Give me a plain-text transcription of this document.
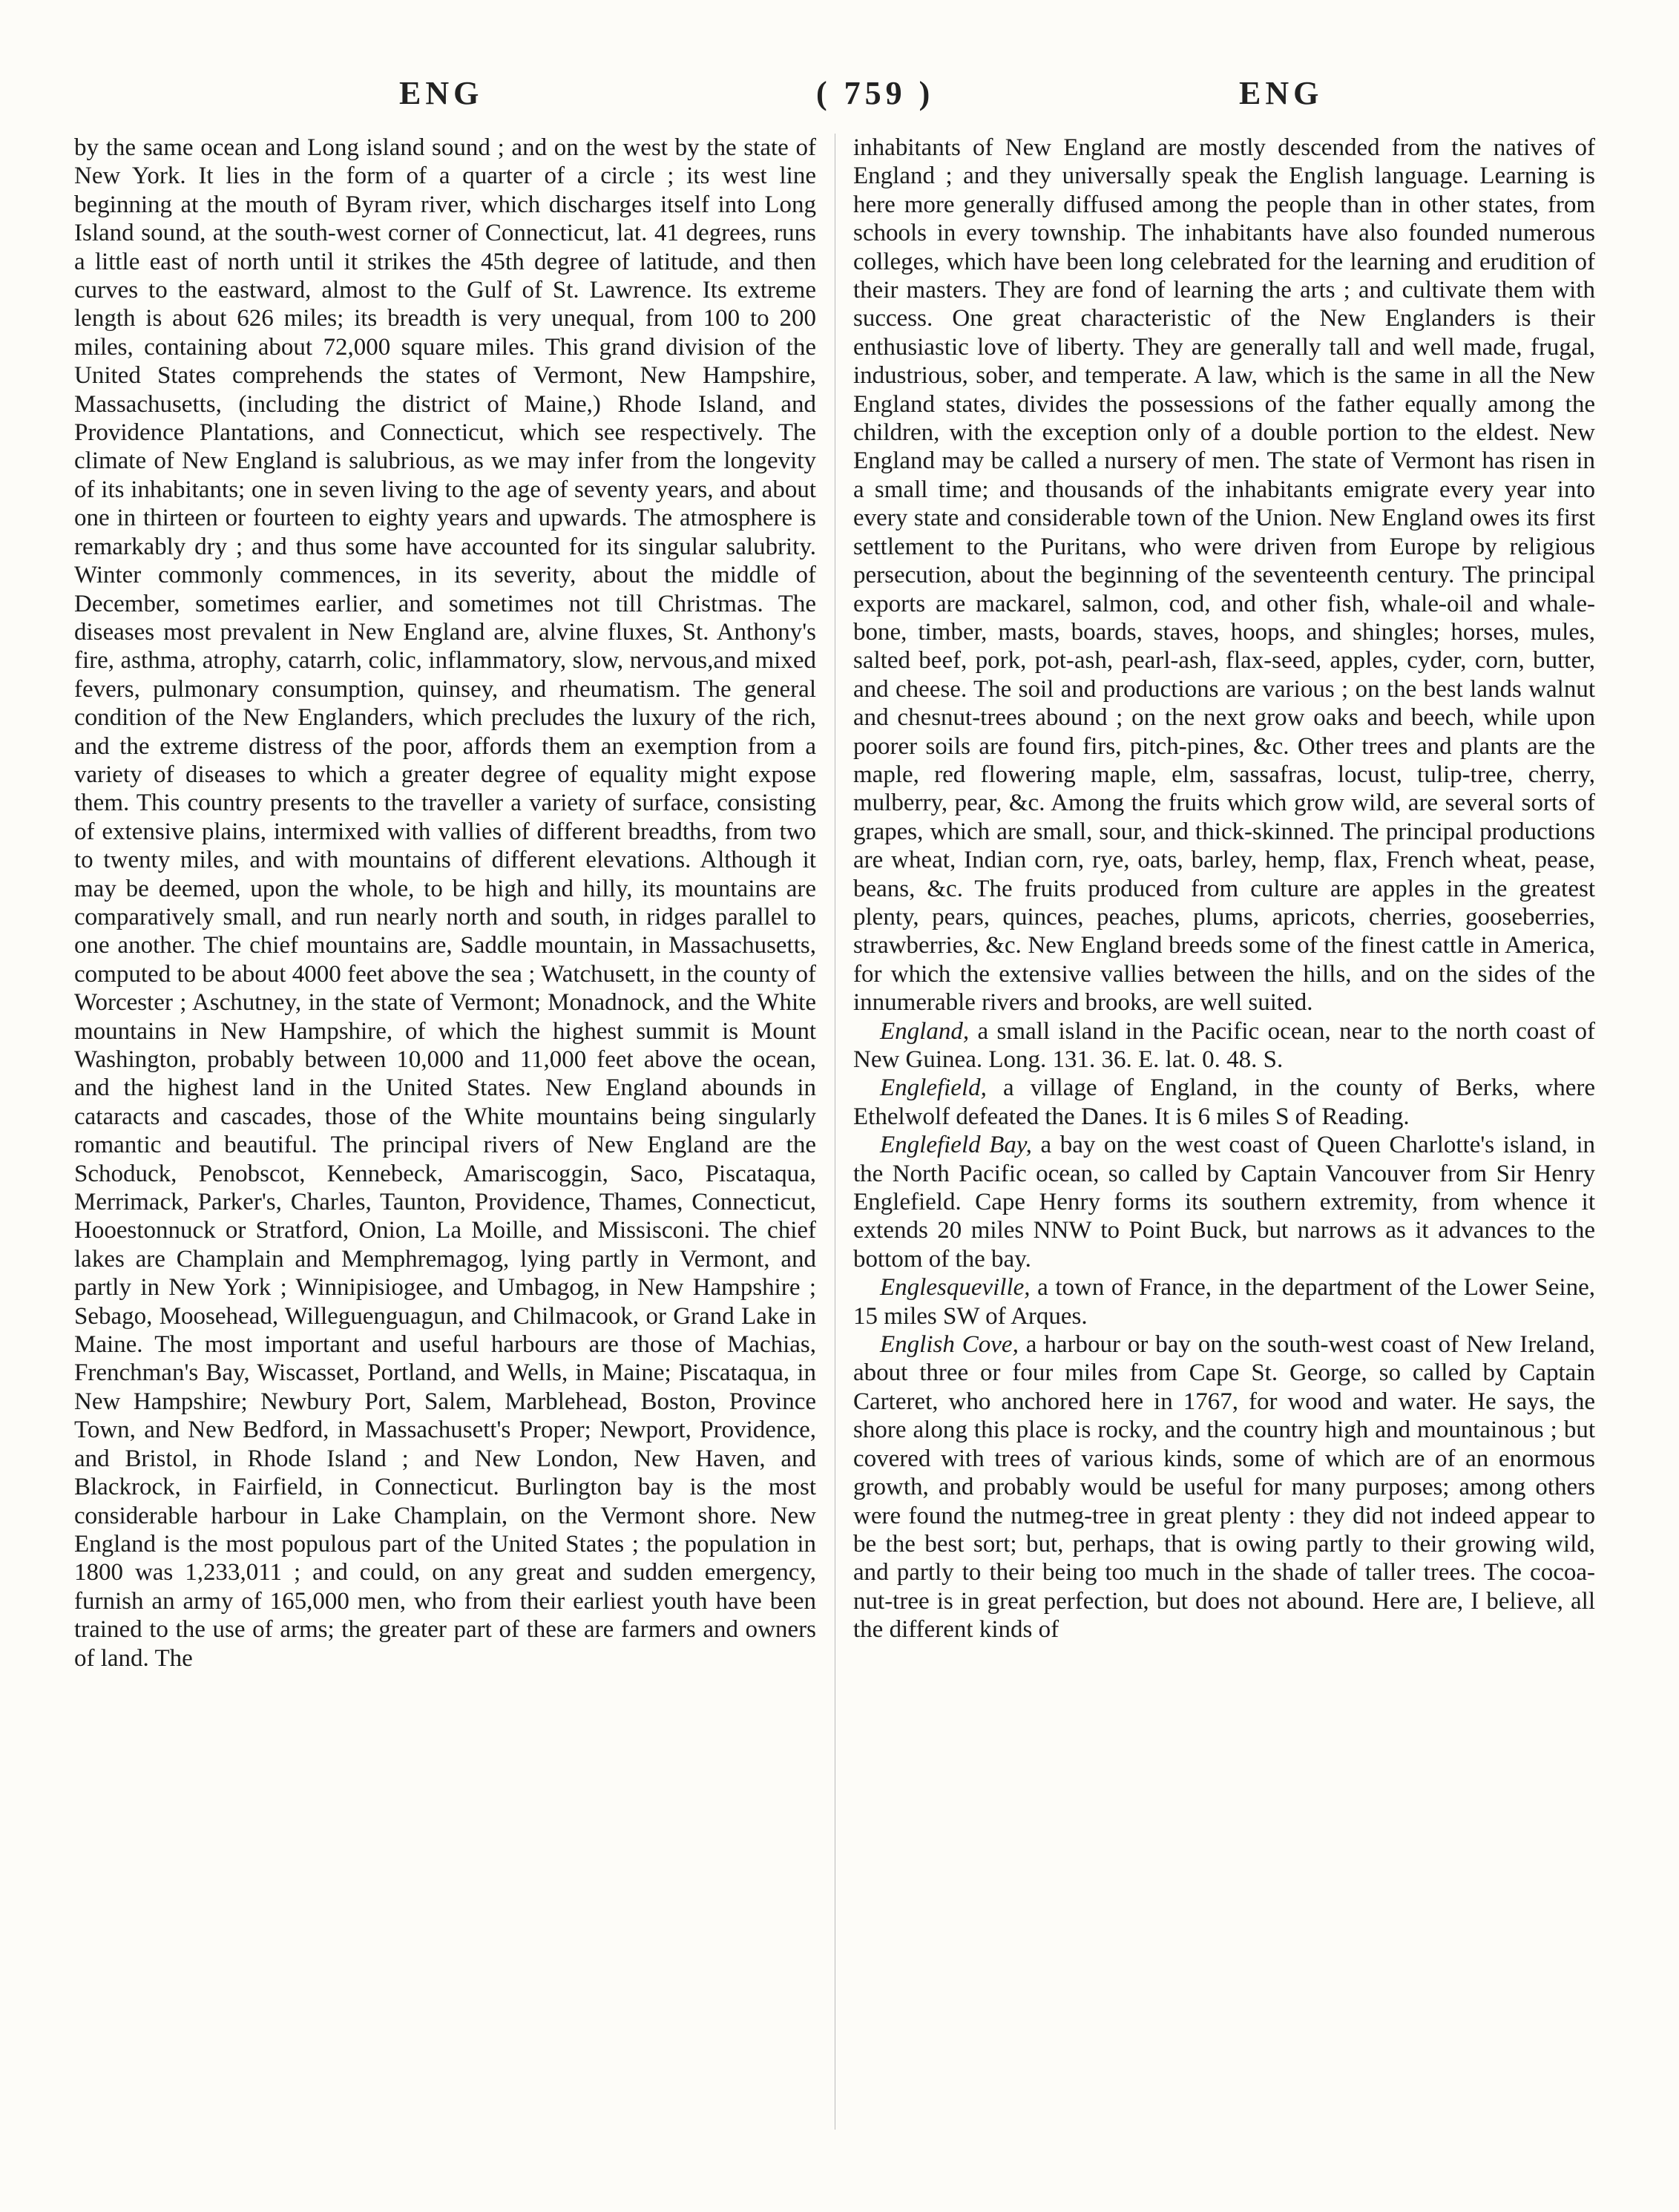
ENG	( 759 )	ENG

by the same ocean and Long island sound ; and on the west by the state of New York. It lies in the form of a quarter of a circle ; its west line beginning at the mouth of Byram river, which discharges itself into Long Island sound, at the south-west corner of Connecticut, lat. 41 degrees, runs a little east of north until it strikes the 45th degree of latitude, and then curves to the eastward, almost to the Gulf of St. Lawrence. Its extreme length is about 626 miles; its breadth is very unequal, from 100 to 200 miles, containing about 72,000 square miles. This grand division of the United States comprehends the states of Vermont, New Hampshire, Massachusetts, (including the district of Maine,) Rhode Island, and Providence Plantations, and Connecticut, which see respectively. The climate of New England is salubrious, as we may infer from the longevity of its inhabitants; one in seven living to the age of seventy years, and about one in thirteen or fourteen to eighty years and upwards. The atmosphere is remarkably dry ; and thus some have accounted for its singular salubrity. Winter commonly commences, in its severity, about the middle of December, sometimes earlier, and sometimes not till Christmas. The diseases most prevalent in New England are, alvine fluxes, St. Anthony's fire, asthma, atrophy, catarrh, colic, inflammatory, slow, nervous,and mixed fevers, pulmonary consumption, quinsey, and rheumatism. The general condition of the New Englanders, which precludes the luxury of the rich, and the extreme distress of the poor, affords them an exemption from a variety of diseases to which a greater degree of equality might expose them. This country presents to the traveller a variety of surface, consisting of extensive plains, intermixed with vallies of different breadths, from two to twenty miles, and with mountains of different elevations. Although it may be deemed, upon the whole, to be high and hilly, its mountains are comparatively small, and run nearly north and south, in ridges parallel to one another. The chief mountains are, Saddle mountain, in Massachusetts, computed to be about 4000 feet above the sea ; Watchusett, in the county of Worcester ; Aschutney, in the state of Vermont; Monadnock, and the White mountains in New Hampshire, of which the highest summit is Mount Washington, probably between 10,000 and 11,000 feet above the ocean, and the highest land in the United States. New England abounds in cataracts and cascades, those of the White mountains being singularly romantic and beautiful. The principal rivers of New England are the Schoduck, Penobscot, Kennebeck, Amariscoggin, Saco, Piscataqua, Merrimack, Parker's, Charles, Taunton, Providence, Thames, Connecticut, Hooestonnuck or Stratford, Onion, La Moille, and Missisconi. The chief lakes are Champlain and Memphremagog, lying partly in Vermont, and partly in New York ; Winnipisiogee, and Umbagog, in New Hampshire ; Sebago, Moosehead, Willeguenguagun, and Chilmacook, or Grand Lake in Maine. The most important and useful harbours are those of Machias, Frenchman's Bay, Wiscasset, Portland, and Wells, in Maine; Piscataqua, in New Hampshire; Newbury Port, Salem, Marblehead, Boston, Province Town, and New Bedford, in Massachusett's Proper; Newport, Providence, and Bristol, in Rhode Island ; and New London, New Haven, and Blackrock, in Fairfield, in Connecticut. Burlington bay is the most considerable harbour in Lake Champlain, on the Vermont shore. New England is the most populous part of the United States ; the population in 1800 was 1,233,011 ; and could, on any great and sudden emergency, furnish an army of 165,000 men, who from their earliest youth have been trained to the use of arms; the greater part of these are farmers and owners of land. The

inhabitants of New England are mostly descended from the natives of England ; and they universally speak the English language. Learning is here more generally diffused among the people than in other states, from schools in every township. The inhabitants have also founded numerous colleges, which have been long celebrated for the learning and erudition of their masters. They are fond of learning the arts ; and cultivate them with success. One great characteristic of the New Englanders is their enthusiastic love of liberty. They are generally tall and well made, frugal, industrious, sober, and temperate. A law, which is the same in all the New England states, divides the possessions of the father equally among the children, with the exception only of a double portion to the eldest. New England may be called a nursery of men. The state of Vermont has risen in a small time; and thousands of the inhabitants emigrate every year into every state and considerable town of the Union. New England owes its first settlement to the Puritans, who were driven from Europe by religious persecution, about the beginning of the seventeenth century. The principal exports are mackarel, salmon, cod, and other fish, whale-oil and whale-bone, timber, masts, boards, staves, hoops, and shingles; horses, mules, salted beef, pork, pot-ash, pearl-ash, flax-seed, apples, cyder, corn, butter, and cheese. The soil and productions are various ; on the best lands walnut and chesnut-trees abound ; on the next grow oaks and beech, while upon poorer soils are found firs, pitch-pines, &c. Other trees and plants are the maple, red flowering maple, elm, sassafras, locust, tulip-tree, cherry, mulberry, pear, &c. Among the fruits which grow wild, are several sorts of grapes, which are small, sour, and thick-skinned. The principal productions are wheat, Indian corn, rye, oats, barley, hemp, flax, French wheat, pease, beans, &c. The fruits produced from culture are apples in the greatest plenty, pears, quinces, peaches, plums, apricots, cherries, gooseberries, strawberries, &c. New England breeds some of the finest cattle in America, for which the extensive vallies between the hills, and on the sides of the innumerable rivers and brooks, are well suited.

England, a small island in the Pacific ocean, near to the north coast of New Guinea. Long. 131. 36. E. lat. 0. 48. S.

Englefield, a village of England, in the county of Berks, where Ethelwolf defeated the Danes. It is 6 miles S of Reading.

Englefield Bay, a bay on the west coast of Queen Charlotte's island, in the North Pacific ocean, so called by Captain Vancouver from Sir Henry Englefield. Cape Henry forms its southern extremity, from whence it extends 20 miles NNW to Point Buck, but narrows as it advances to the bottom of the bay.

Englesqueville, a town of France, in the department of the Lower Seine, 15 miles SW of Arques.

English Cove, a harbour or bay on the south-west coast of New Ireland, about three or four miles from Cape St. George, so called by Captain Carteret, who anchored here in 1767, for wood and water. He says, the shore along this place is rocky, and the country high and mountainous ; but covered with trees of various kinds, some of which are of an enormous growth, and probably would be useful for many purposes; among others were found the nutmeg-tree in great plenty : they did not indeed appear to be the best sort; but, perhaps, that is owing partly to their growing wild, and partly to their being too much in the shade of taller trees. The cocoa-nut-tree is in great perfection, but does not abound. Here are, I believe, all the different kinds of
